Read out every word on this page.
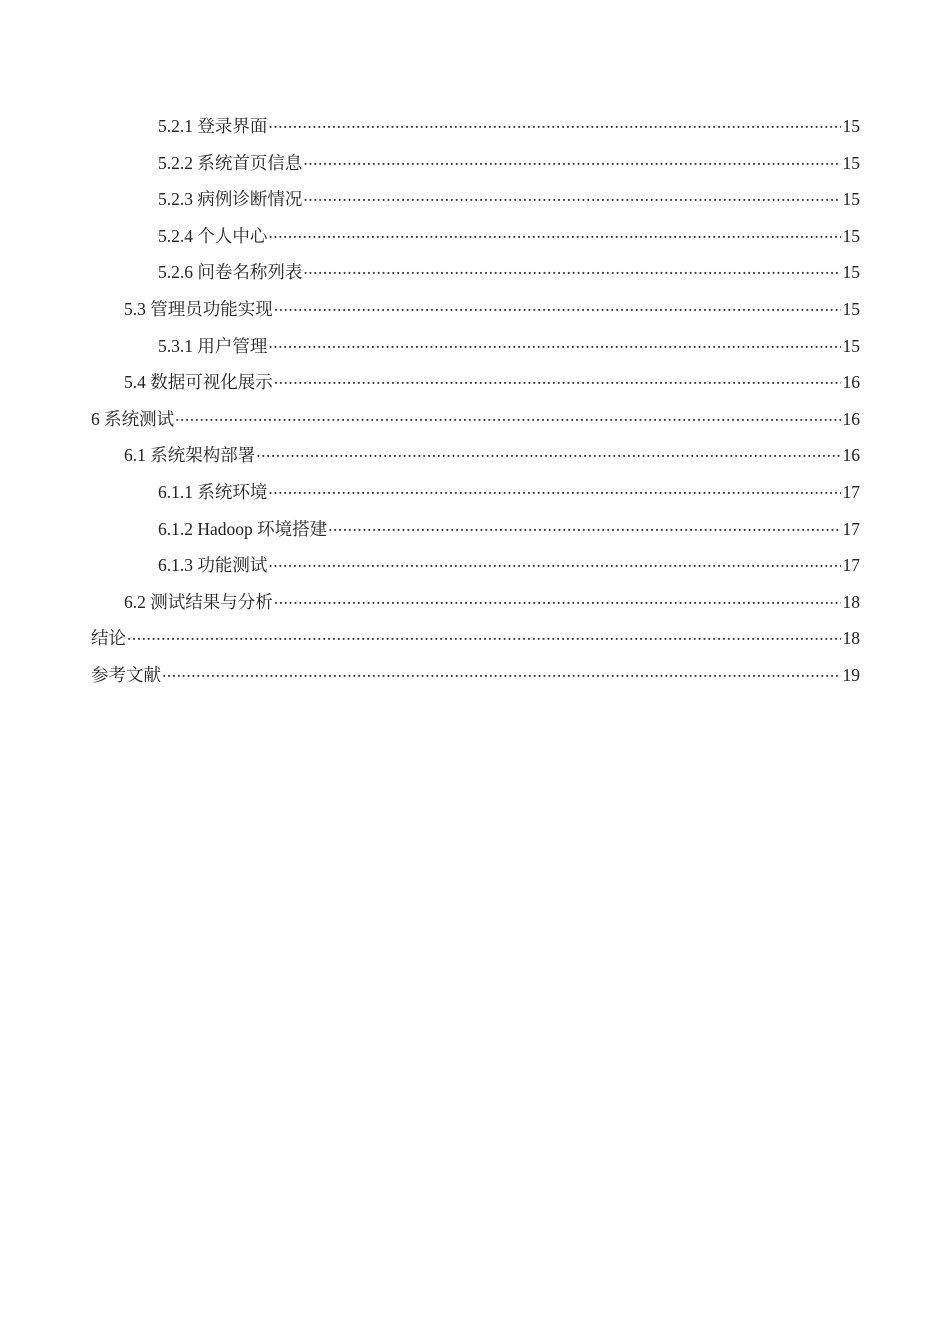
5.2.1 登录界面 .....	15
5.2.2 系统首页信息 .....	15
5.2.3 病例诊断情况 .....	15
5.2.4 个人中心 .....	15
5.2.6 问卷名称列表 .....	15
5.3 管理员功能实现 .....	15
5.3.1 用户管理 .....	15
5.4 数据可视化展示 .....	16
6 系统测试 .....	16
6.1 系统架构部署 .....	16
6.1.1 系统环境 .....	17
6.1.2 Hadoop 环境搭建 .....	17
6.1.3 功能测试 .....	17
6.2 测试结果与分析 .....	18
结论 .....	18
参考文献 .....	19
